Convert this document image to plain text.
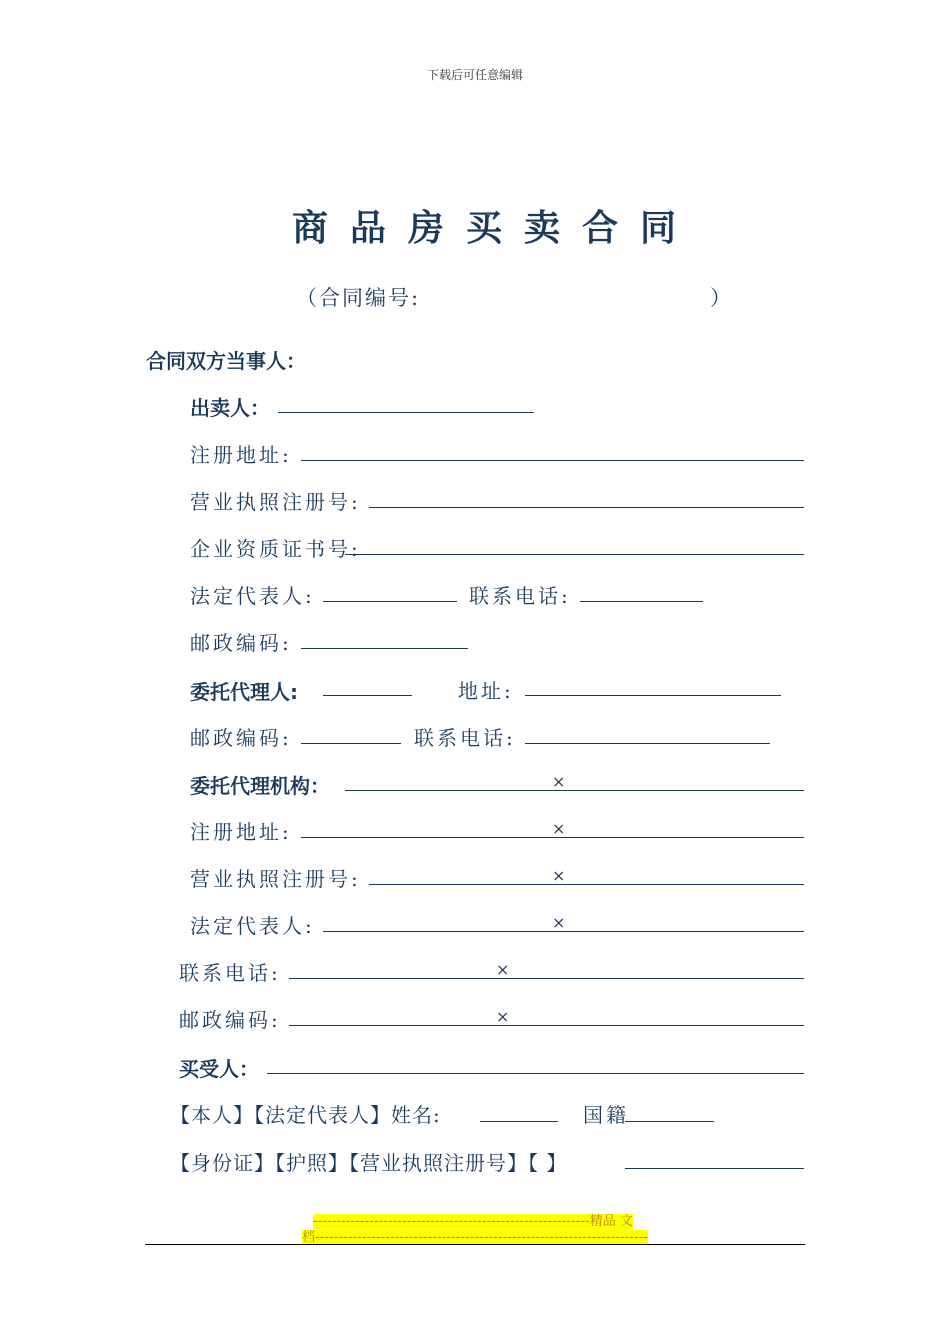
下载后可任意编辑
商品房买卖合同
（合同编号:	）
合同双方当事人：
出卖人：
注册地址:
营业执照注册号:
企业资质证书号:
法定代表人:	联系电话:
邮政编码:
委托代理人:	地址:
邮政编码:	联系电话:
委托代理机构：	×
注册地址:	×
营业执照注册号:	×
法定代表人:	×
联系电话:	×
邮政编码:	×
买受人：
【本人】【法定代表人】姓名:	国籍
【身份证】【护照】【营业执照注册号】【 】
-----------------------------------------------------------精品 文
档-----------------------------------------------------------------------
